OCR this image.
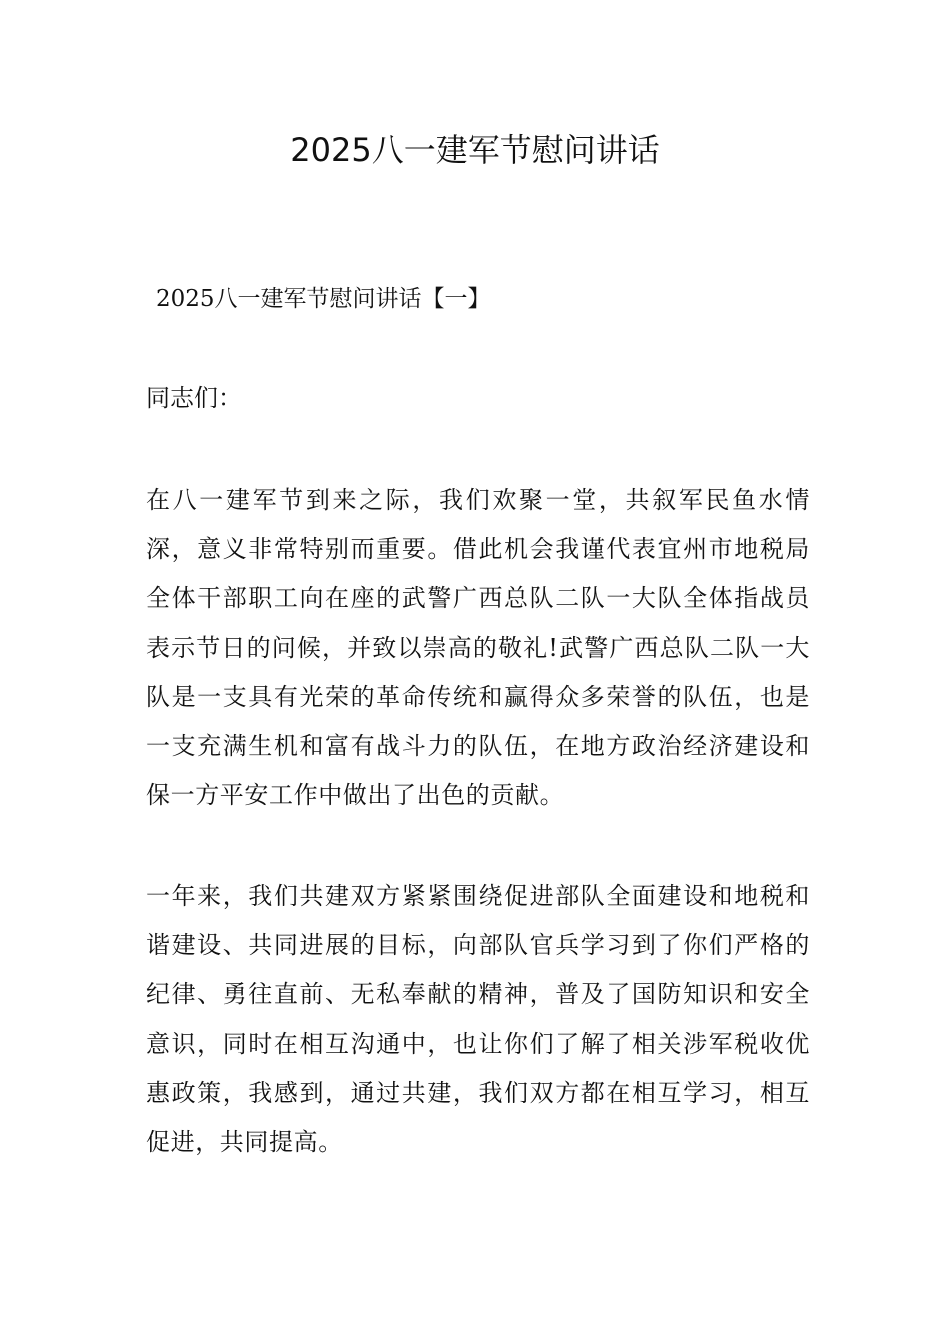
2025八一建军节慰问讲话
2025八一建军节慰问讲话【一】

同志们：

在八一建军节到来之际，我们欢聚一堂，共叙军民鱼水情深，意义非常特别而重要。借此机会我谨代表宜州市地税局全体干部职工向在座的武警广西总队二队一大队全体指战员表示节日的问候，并致以崇高的敬礼!武警广西总队二队一大队是一支具有光荣的革命传统和赢得众多荣誉的队伍，也是一支充满生机和富有战斗力的队伍，在地方政治经济建设和保一方平安工作中做出了出色的贡献。

一年来，我们共建双方紧紧围绕促进部队全面建设和地税和谐建设、共同进展的目标，向部队官兵学习到了你们严格的纪律、勇往直前、无私奉献的精神，普及了国防知识和安全意识，同时在相互沟通中，也让你们了解了相关涉军税收优惠政策，我感到，通过共建，我们双方都在相互学习，相互促进，共同提高。
